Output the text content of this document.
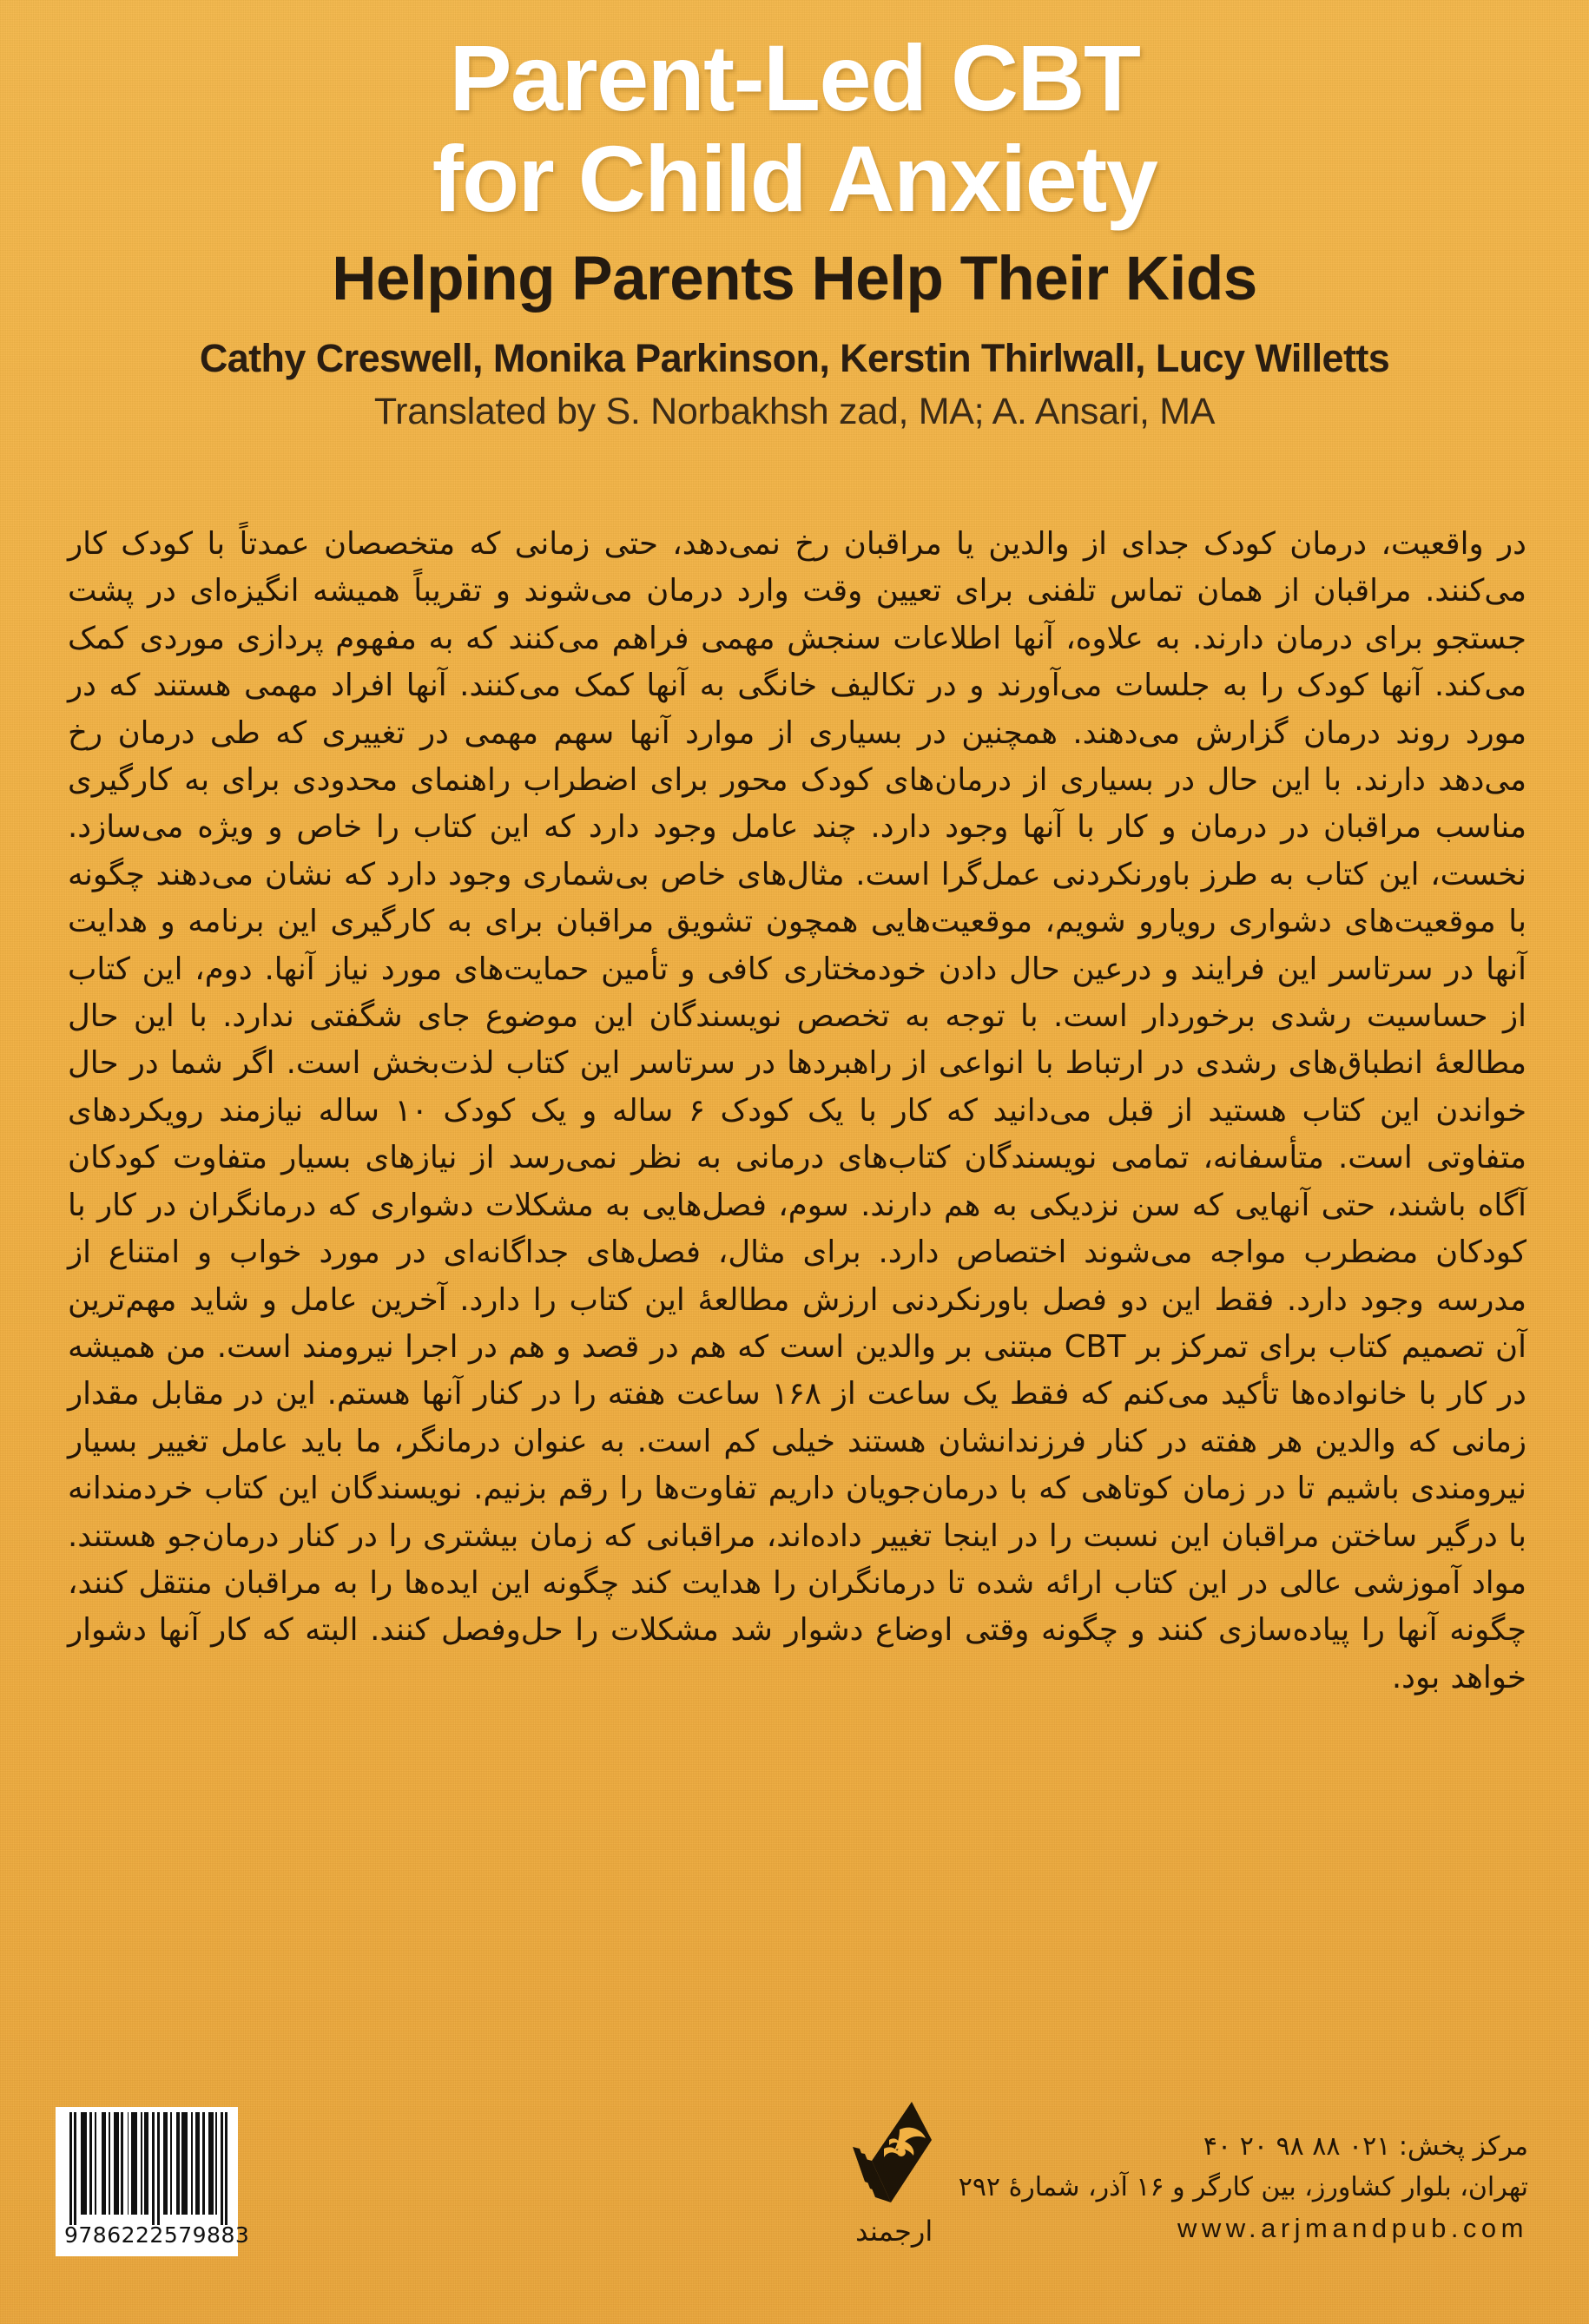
Parent-Led CBT
for Child Anxiety
Helping Parents Help Their Kids
Cathy Creswell, Monika Parkinson, Kerstin Thirlwall, Lucy Willetts
Translated by S. Norbakhsh zad, MA; A. Ansari, MA

در واقعیت، درمان کودک جدای از والدین یا مراقبان رخ نمی‌دهد، حتی زمانی که متخصصان عمدتاً با کودک کار می‌کنند. مراقبان از همان تماس تلفنی برای تعیین وقت وارد درمان می‌شوند و تقریباً همیشه انگیزه‌ای در پشت جستجو برای درمان دارند. به علاوه، آنها اطلاعات سنجش مهمی فراهم می‌کنند که به مفهوم پردازی موردی کمک می‌کند. آنها کودک را به جلسات می‌آورند و در تکالیف خانگی به آنها کمک می‌کنند. آنها افراد مهمی هستند که در مورد روند درمان گزارش می‌دهند. همچنین در بسیاری از موارد آنها سهم مهمی در تغییری که طی درمان رخ می‌دهد دارند. با این حال در بسیاری از درمان‌های کودک محور برای اضطراب راهنمای محدودی برای به کارگیری مناسب مراقبان در درمان و کار با آنها وجود دارد. چند عامل وجود دارد که این کتاب را خاص و ویژه می‌سازد. نخست، این کتاب به طرز باورنکردنی عمل‌گرا است. مثال‌های خاص بی‌شماری وجود دارد که نشان می‌دهند چگونه با موقعیت‌های دشواری رویارو شویم، موقعیت‌هایی همچون تشویق مراقبان برای به کارگیری این برنامه و هدایت آنها در سرتاسر این فرایند و درعین حال دادن خودمختاری کافی و تأمین حمایت‌های مورد نیاز آنها. دوم، این کتاب از حساسیت رشدی برخوردار است. با توجه به تخصص نویسندگان این موضوع جای شگفتی ندارد. با این حال مطالعهٔ انطباق‌های رشدی در ارتباط با انواعی از راهبردها در سرتاسر این کتاب لذت‌بخش است. اگر شما در حال خواندن این کتاب هستید از قبل می‌دانید که کار با یک کودک ۶ ساله و یک کودک ۱۰ ساله نیازمند رویکردهای متفاوتی است. متأسفانه، تمامی نویسندگان کتاب‌های درمانی به نظر نمی‌رسد از نیازهای بسیار متفاوت کودکان آگاه باشند، حتی آنهایی که سن نزدیکی به هم دارند. سوم، فصل‌هایی به مشکلات دشواری که درمانگران در کار با کودکان مضطرب مواجه می‌شوند اختصاص دارد. برای مثال، فصل‌های جداگانه‌ای در مورد خواب و امتناع از مدرسه وجود دارد. فقط این دو فصل باورنکردنی ارزش مطالعهٔ این کتاب را دارد. آخرین عامل و شاید مهم‌ترین آن تصمیم کتاب برای تمرکز بر CBT مبتنی بر والدین است که هم در قصد و هم در اجرا نیرومند است. من همیشه در کار با خانواده‌ها تأکید می‌کنم که فقط یک ساعت از ۱۶۸ ساعت هفته را در کنار آنها هستم. این در مقابل مقدار زمانی که والدین هر هفته در کنار فرزندانشان هستند خیلی کم است. به عنوان درمانگر، ما باید عامل تغییر بسیار نیرومندی باشیم تا در زمان کوتاهی که با درمان‌جویان داریم تفاوت‌ها را رقم بزنیم. نویسندگان این کتاب خردمندانه با درگیر ساختن مراقبان این نسبت را در اینجا تغییر داده‌اند، مراقبانی که زمان بیشتری را در کنار درمان‌جو هستند. مواد آموزشی عالی در این کتاب ارائه شده تا درمانگران را هدایت کند چگونه این ایده‌ها را به مراقبان منتقل کنند، چگونه آنها را پیاده‌سازی کنند و چگونه وقتی اوضاع دشوار شد مشکلات را حل‌وفصل کنند. البته که کار آنها دشوار خواهد بود.

9 786222 579883
مرکز پخش: ۰۲۱ ۸۸ ۹۸ ۲۰ ۴۰
تهران، بلوار کشاورز، بین کارگر و ۱۶ آذر، شمارهٔ ۲۹۲
www.arjmandpub.com
ارجمند
